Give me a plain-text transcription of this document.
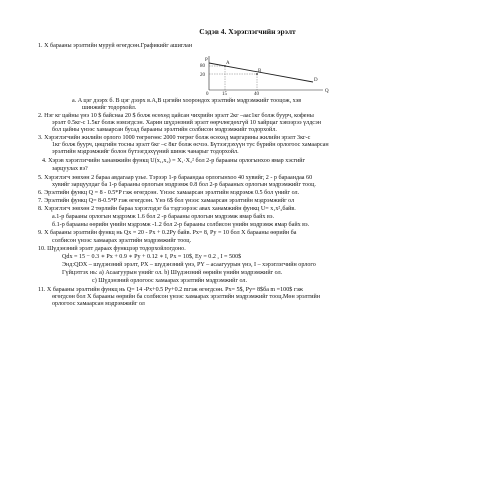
Сэдэв 4. Хэрэглэгчийн эрэлт
P
80
20
0	15	40
A
B
D
Q
1. X барааны эрэлтийн муруй өгөгдсөн.Графикийг ашиглан
а. A цэг дээрх б. B цэг дээрх в.A,B цэгийн хоорондох эрэлтийн мэдрэмжийг тооцож, хэв
шинжийг тодорхойл.
2. Нэг кг цайны үнэ 10 $ байснаа 20 $ болж өсөхөд цайсан чихрийн эрэлт 2кг –аас1кг болж буурч, кофены
эрэлт 0.5кг-с 1.5кг болж нэмэгдсэн. Харин шүдэнзний эрэлт өөрчлөгдөхгүй 10 хайрцаг хэвээрээ үлдсэн
бол цайны үнээс хамаарсан бусад барааны эрэлтийн солбисон мэдрэмжийг тодорхойл.
3. Хэрэглэгчийн жилийн орлого 1000 төгрөгөөс 2000 төгрөг болж өсөхөд маргарины жилийн эрэлт 3кг-с
1кг болж буурч, цөцгийн тосны эрэлт 6кг –с 8кг болж өсчээ. Бүтээгдэхүүн тус бүрийн орлогоос хамаарсан
эрэлтийн мэдрэмжийг болон бүтээгдэхүүний шинж чанарыг тодорхойл.
4. Хэрэв хэрэглэгчийн ханамжийн функц U(x₁,x₂) = X₁·X₂² бол 2-р барааны орлогынхоо ямар хэсгийг
зарцуулах вэ?
5. Хэрэглэгч зөвхөн 2 бараа авдагаар үзье. Тэрээр 1-р бараандаа орлогынхоо 40 хувийг, 2 - р бараандаа 60
хувийг зарцуулдаг ба 1-р барааны орлогын мэдрэмж 0.8 бол 2-р барааных орлогын мэдрэмжийг тооц.
6. Эрэлтийн функц Q = 8 - 0.5*P гэж өгөгдсөн. Үнээс хамаарсан эрэлтийн мэдрэмж 0.5 бол үнийг ол.
7. Эрэлтийн функц Q= 8-0.5*P гэж өгөгдсөн. Үнэ 6$ бол үнээс хамаарсан эрэлтийн мэдрэмжийг ол
8. Хэрэглэгч зөвхөн 2 төрлийн бараа хэрэглэдэг ба тэдгээрээс авах ханамжийн функц U= x₁x²₂байв.
а.1-р барааны орлогын мэдрэмж 1.6 бол 2 -р барааны орлогын мэдрэмж ямар байх вэ.
б.1-р барааны өөрийн үнийн мэдрэмж -1.2 бол 2-р барааны солбисон үнийн мэдрэмж ямар байх вэ.
9. X барааны эрэлтийн функц нь Qx = 20 - Px + 0.2Py байв. Px= 8, Py = 10 бол X барааны өөрийн ба
солбисон үнээс хамаарах эрэлтийн мэдрэмжийг тооц.
10. Шүдэнзний эрэлт дараах функцээр тодорхойлогдоно.
Qdx = 15 − 0.3 ∗ Px + 0.9 ∗ Py + 0.12 ∗ I, Px = 10$, Ey = 0.2 , I = 500$
Энд:QDX – шүдэнзний эрэлт, PX – шүдэнзний үнэ, PY – асаагуурын үнэ, I – хэрэглэгчийн орлого
Гүйцэтгэх нь: а) Асаагуурын үнийг ол. b) Шүдэнзний өөрийн үнийн мэдрэмжийг ол.
c) Шүдэнзний орлогоос хамаарах эрэлтийн мэдрэмжийг ол.
11. X барааны эрэлтийн функц нь Q= 14 -Px+0.5 Py+0.2 mгэж өгөгдсөн. Px= 5$, Py= 8$ба m =100$ гэж
өгөгдсөн бол X барааны өөрийн ба солбисон үнээс хамаарах эрэлтийн мэдрэмжийг тооц.Мөн эрэлтийн
орлогоос хамаарсан мэдрэмжийг ол
